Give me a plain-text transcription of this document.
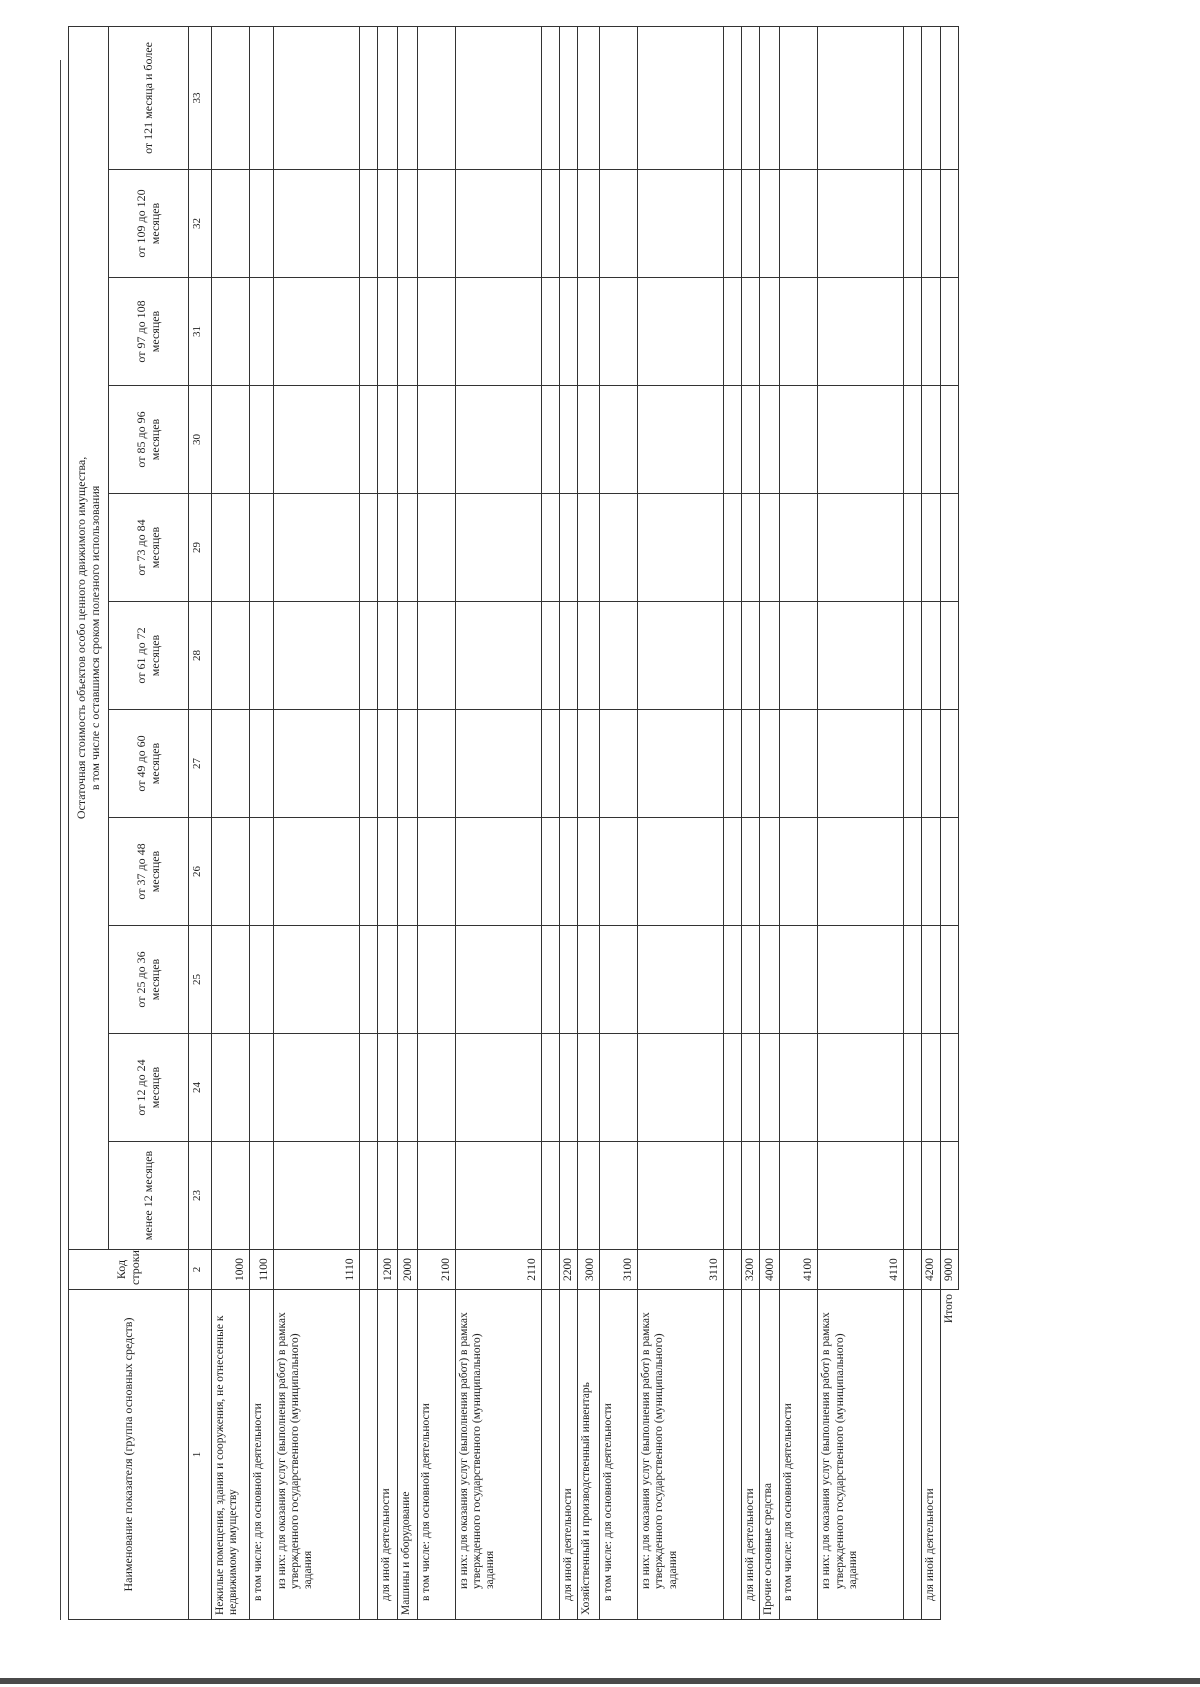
Наименование показателя (группа основных средств)	Код строки	Остаточная стоимость объектов особо ценного движимого имущества,
в том числе с оставшимся сроком полезного использования										
		менее 12 месяцев	от 12 до 24 месяцев	от 25 до 36 месяцев	от 37 до 48 месяцев	от 49 до 60 месяцев	от 61 до 72 месяцев	от 73 до 84 месяцев	от 85 до 96 месяцев	от 97 до 108 месяцев	от 109 до 120 месяцев	от 121 месяца и более
1	2	23	24	25	26	27	28	29	30	31	32	33
Нежилые помещения, здания и сооружения, не отнесенные к недвижимому имуществу	1000											
в том числе: для основной деятельности	1100											
из них: для оказания услуг (выполнения работ) в рамках утвержденного государственного (муниципального) задания	1110											

для иной деятельности	1200											
Машины и оборудование	2000											
в том числе: для основной деятельности	2100											
из них: для оказания услуг (выполнения работ) в рамках утвержденного государственного (муниципального) задания	2110											

для иной деятельности	2200											
Хозяйственный и производственный инвентарь	3000											
в том числе: для основной деятельности	3100											
из них: для оказания услуг (выполнения работ) в рамках утвержденного государственного (муниципального) задания	3110											

для иной деятельности	3200											
Прочие основные средства	4000											
в том числе: для основной деятельности	4100											
из них: для оказания услуг (выполнения работ) в рамках утвержденного государственного (муниципального) задания	4110											

для иной деятельности	4200											
Итого	9000											
